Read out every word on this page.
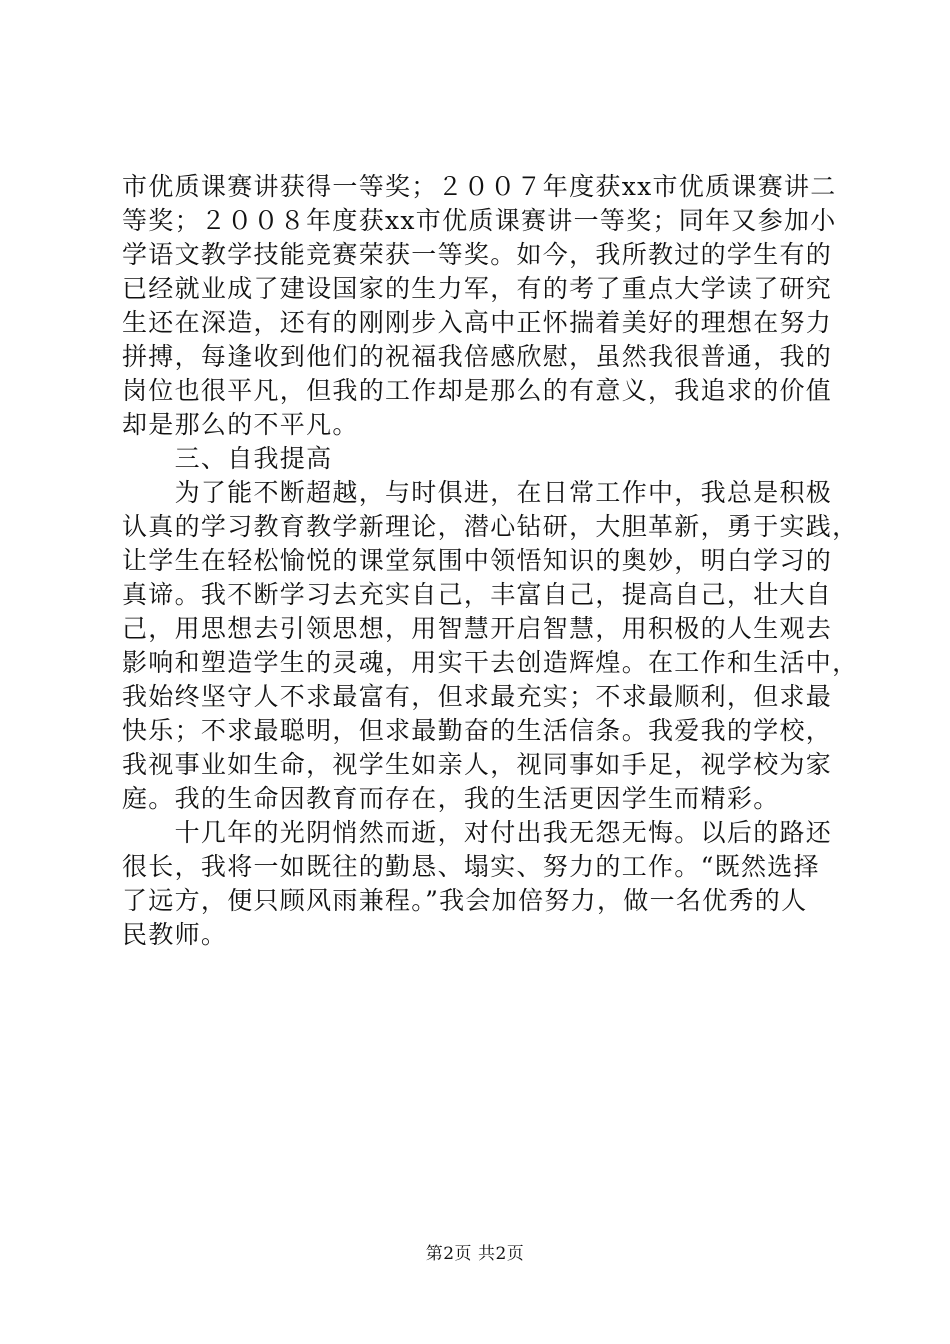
市优质课赛讲获得一等奖；２００７年度获xx市优质课赛讲二
等奖；２００８年度获xx市优质课赛讲一等奖；同年又参加小
学语文教学技能竞赛荣获一等奖。如今，我所教过的学生有的
已经就业成了建设国家的生力军，有的考了重点大学读了研究
生还在深造，还有的刚刚步入高中正怀揣着美好的理想在努力
拼搏，每逢收到他们的祝福我倍感欣慰，虽然我很普通，我的
岗位也很平凡，但我的工作却是那么的有意义，我追求的价值
却是那么的不平凡。
　　三、自我提高
　　为了能不断超越，与时俱进，在日常工作中，我总是积极
认真的学习教育教学新理论，潜心钻研，大胆革新，勇于实践，
让学生在轻松愉悦的课堂氛围中领悟知识的奥妙，明白学习的
真谛。我不断学习去充实自己，丰富自己，提高自己，壮大自
己，用思想去引领思想，用智慧开启智慧，用积极的人生观去
影响和塑造学生的灵魂，用实干去创造辉煌。在工作和生活中，
我始终坚守人不求最富有，但求最充实；不求最顺利，但求最
快乐；不求最聪明，但求最勤奋的生活信条。我爱我的学校，
我视事业如生命，视学生如亲人，视同事如手足，视学校为家
庭。我的生命因教育而存在，我的生活更因学生而精彩。
　　十几年的光阴悄然而逝，对付出我无怨无悔。以后的路还
很长，我将一如既往的勤恳、塌实、努力的工作。“既然选择
了远方，便只顾风雨兼程。”我会加倍努力，做一名优秀的人
民教师。
第2页 共2页
